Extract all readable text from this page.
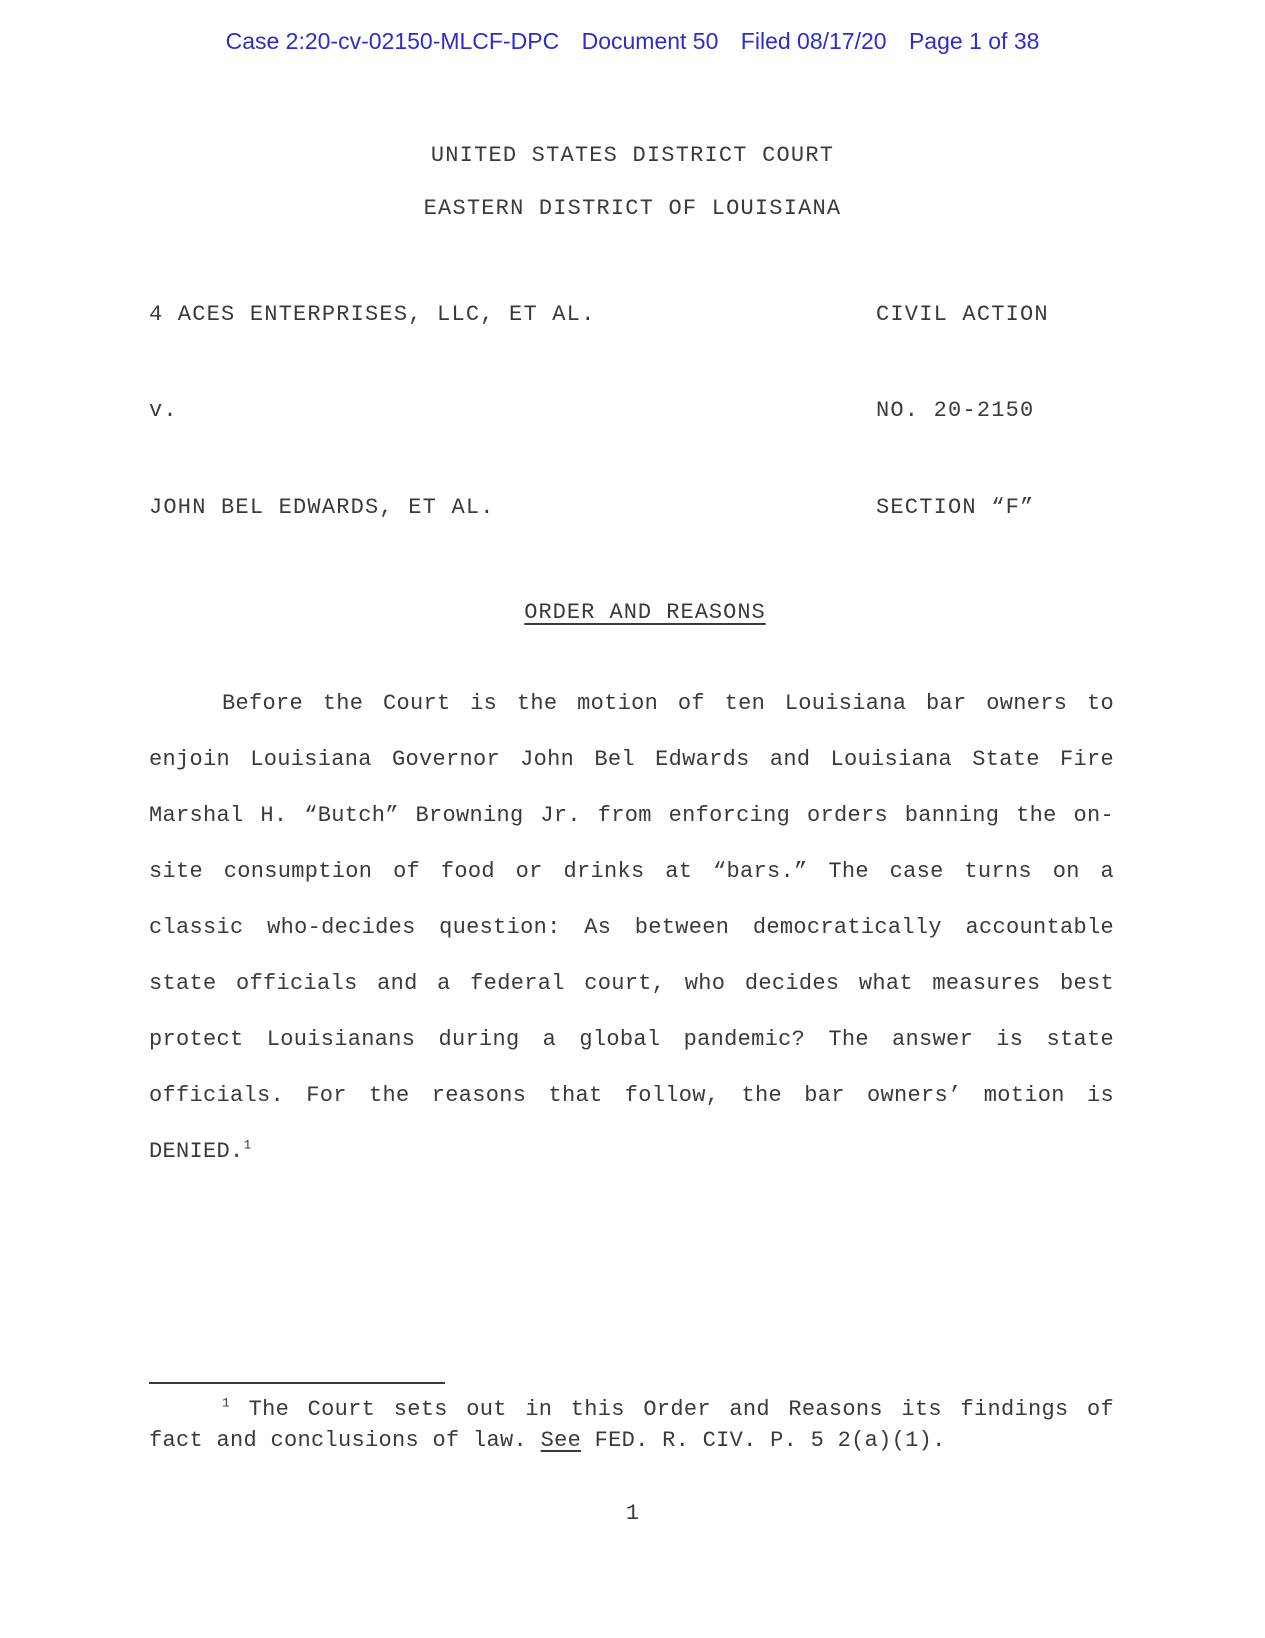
Case 2:20-cv-02150-MLCF-DPC Document 50 Filed 08/17/20 Page 1 of 38
UNITED STATES DISTRICT COURT
EASTERN DISTRICT OF LOUISIANA
4 ACES ENTERPRISES, LLC, ET AL.	CIVIL ACTION
v.	NO. 20-2150
JOHN BEL EDWARDS, ET AL.	SECTION “F”
ORDER AND REASONS

Before the Court is the motion of ten Louisiana bar owners to enjoin Louisiana Governor John Bel Edwards and Louisiana State Fire Marshal H. “Butch” Browning Jr. from enforcing orders banning the on-site consumption of food or drinks at “bars.” The case turns on a classic who-decides question: As between democratically accountable state officials and a federal court, who decides what measures best protect Louisianans during a global pandemic? The answer is state officials. For the reasons that follow, the bar owners’ motion is DENIED.$^1$

$^1$ The Court sets out in this Order and Reasons its findings of fact and conclusions of law. See FED. R. CIV. P. 5 2(a)(1).

1
